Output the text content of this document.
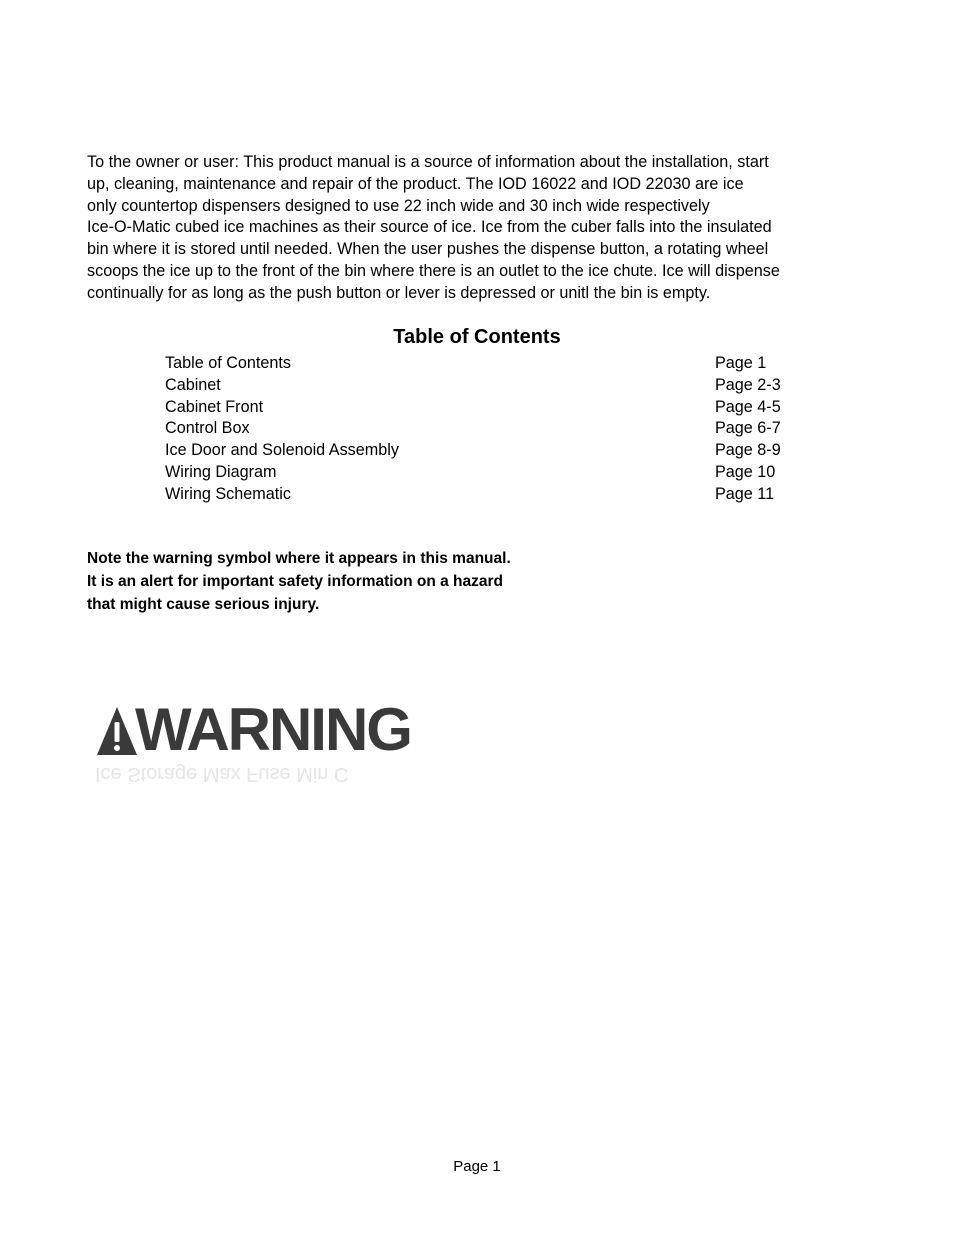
To the owner or user: This product manual is a source of information about the installation, start
up, cleaning, maintenance and repair of the product. The IOD 16022 and IOD 22030 are ice
only countertop dispensers designed to use 22 inch wide and 30 inch wide respectively
Ice-O-Matic cubed ice machines as their source of ice. Ice from the cuber falls into the insulated
bin where it is stored until needed. When the user pushes the dispense button, a rotating wheel
scoops the ice up to the front of the bin where there is an outlet to the ice chute. Ice will dispense
continually for as long as the push button or lever is depressed or unitl the bin is empty.
Table of Contents
Table of Contents	Page 1
Cabinet	Page 2-3
Cabinet Front	Page 4-5
Control Box	Page 6-7
Ice Door and Solenoid Assembly	Page 8-9
Wiring Diagram	Page 10
Wiring Schematic	Page 11
Note the warning symbol where it appears in this manual.
It is an alert for important safety information on a hazard
that might cause serious injury.
WARNING
Ice Storage Max Fuse Min C
Page 1
